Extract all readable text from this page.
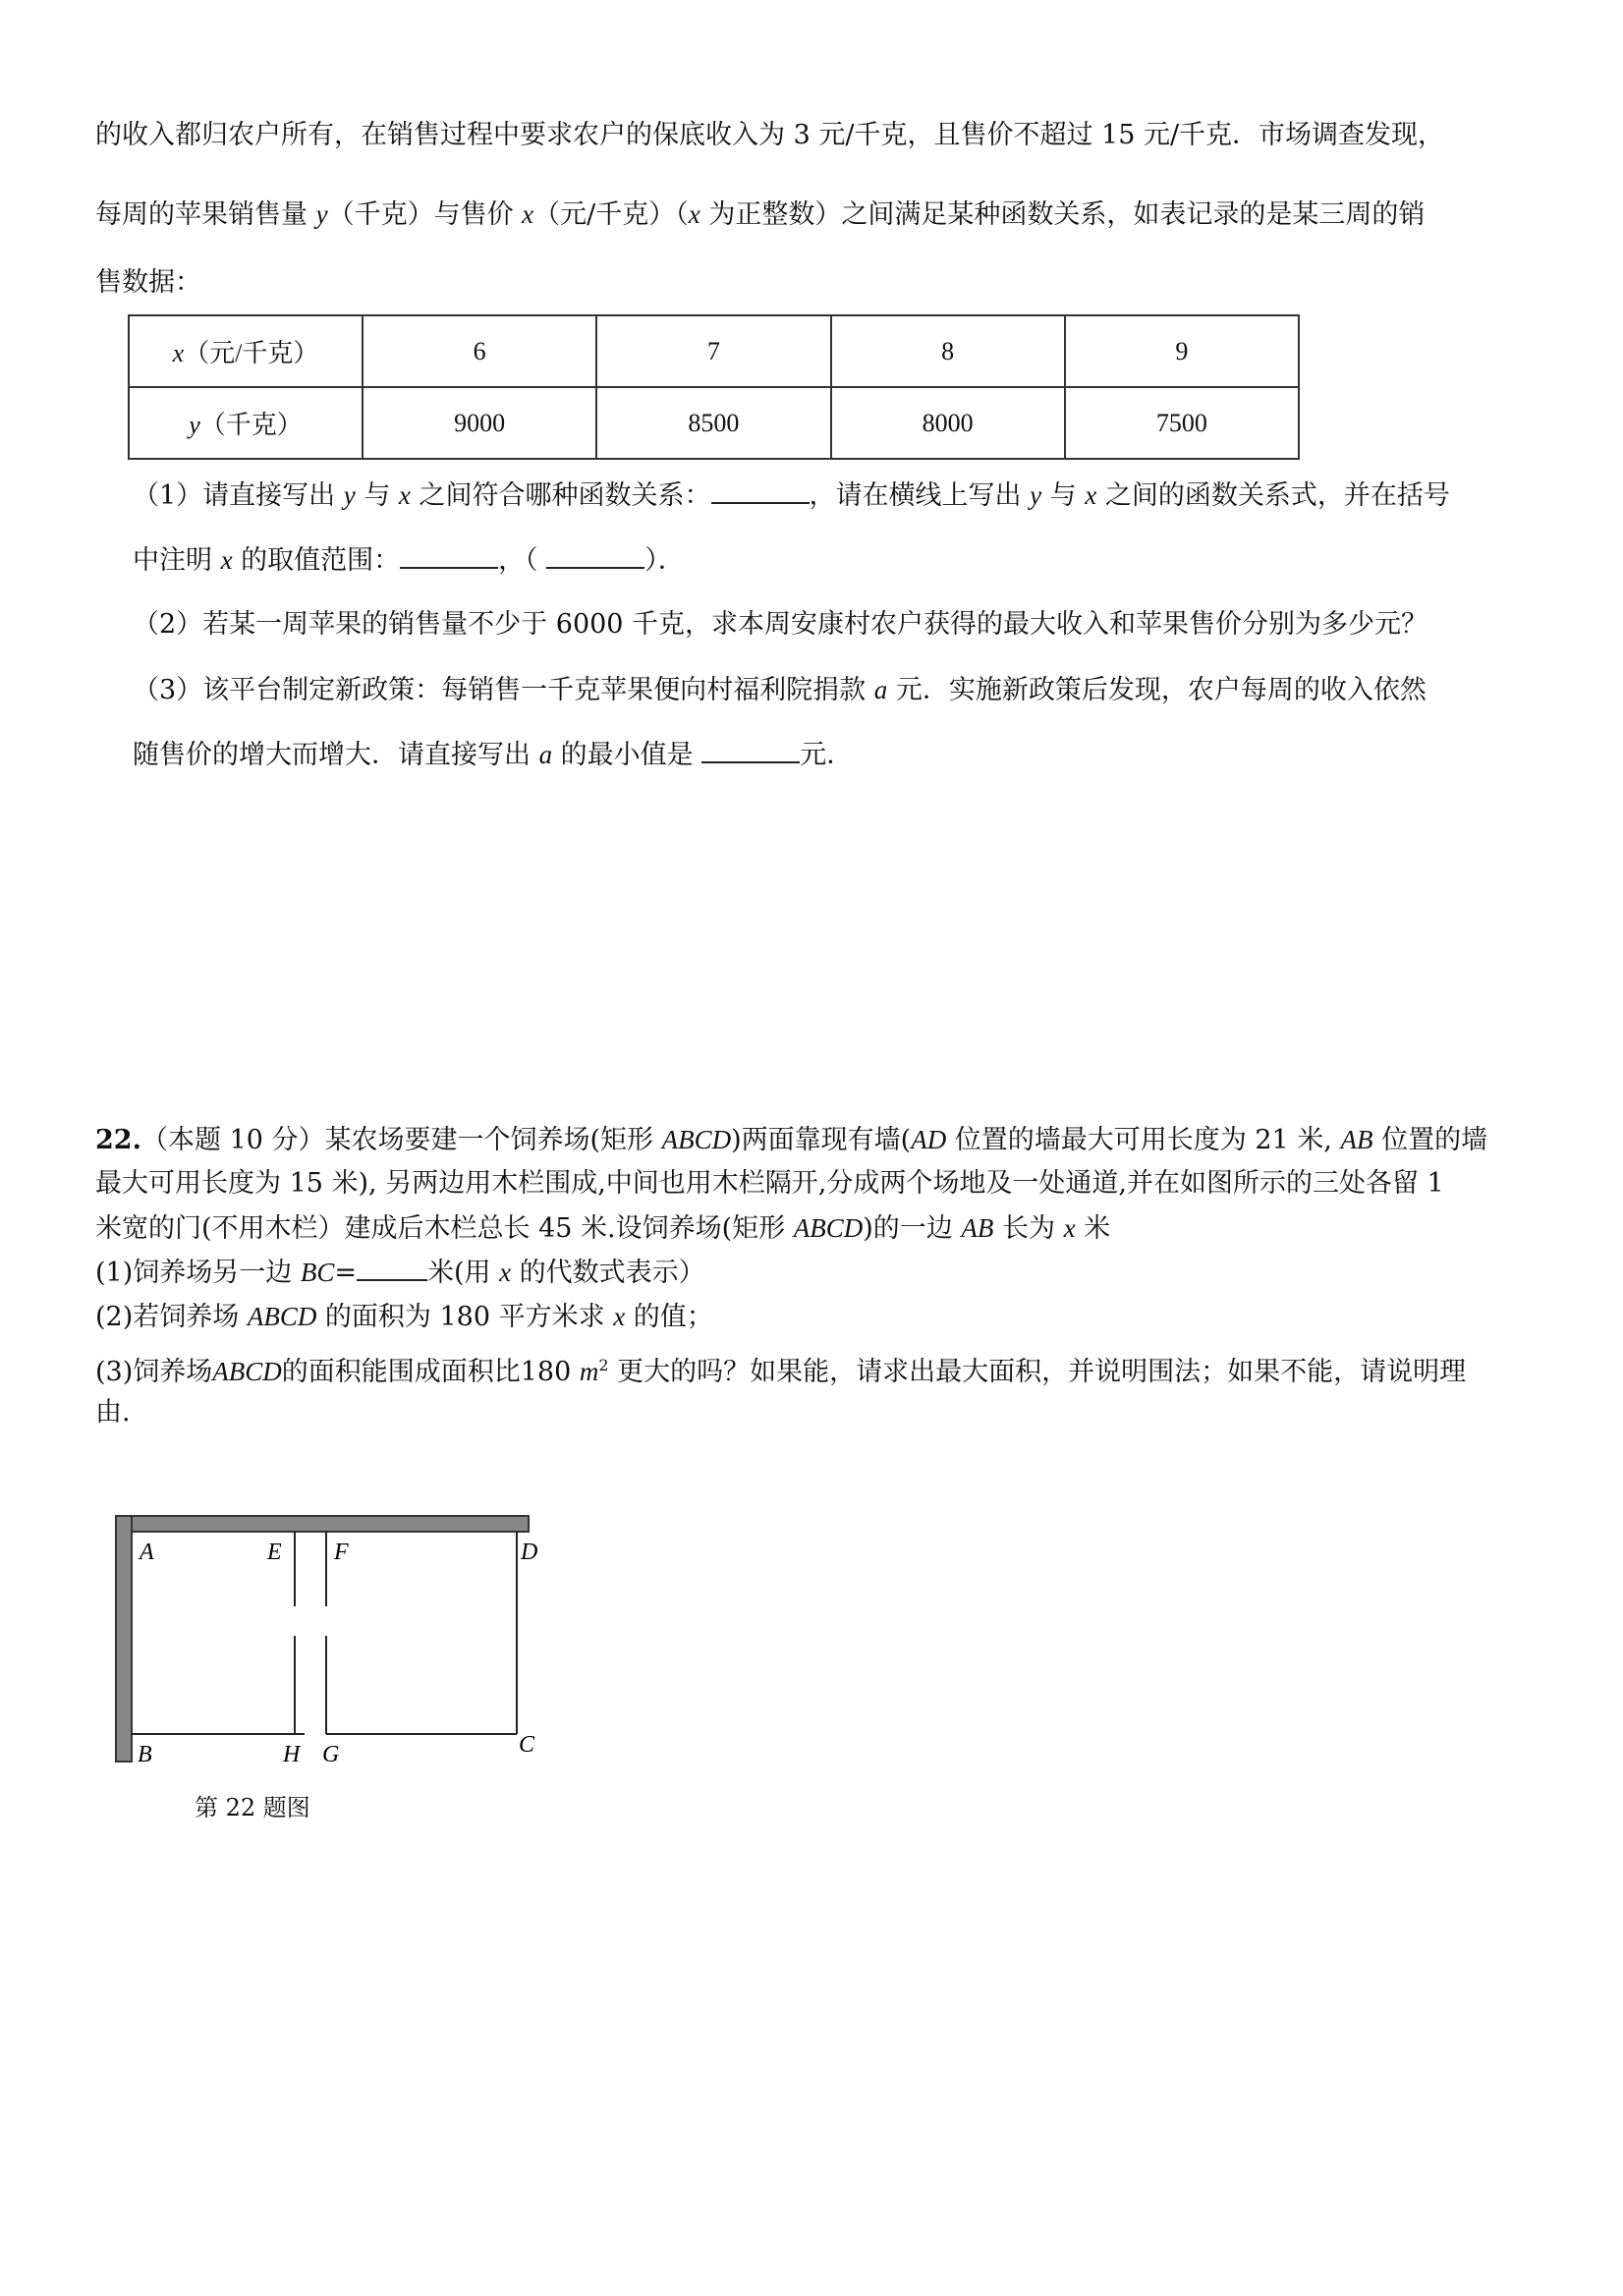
的收入都归农户所有，在销售过程中要求农户的保底收入为 3 元/千克，且售价不超过 15 元/千克．市场调查发现，
每周的苹果销售量 y（千克）与售价 x（元/千克）（x 为正整数）之间满足某种函数关系，如表记录的是某三周的销
售数据：
x（元/千克）	6	7	8	9
y（千克）	9000	8500	8000	7500
（1）请直接写出 y 与 x 之间符合哪种函数关系：	，请在横线上写出 y 与 x 之间的函数关系式，并在括号
中注明 x 的取值范围：	，（	）．
（2）若某一周苹果的销售量不少于 6000 千克，求本周安康村农户获得的最大收入和苹果售价分别为多少元？
（3）该平台制定新政策：每销售一千克苹果便向村福利院捐款 a 元．实施新政策后发现，农户每周的收入依然
随售价的增大而增大．请直接写出 a 的最小值是	元．
22.（本题 10 分）某农场要建一个饲养场(矩形 ABCD)两面靠现有墙(AD 位置的墙最大可用长度为 21 米, AB 位置的墙
最大可用长度为 15 米), 另两边用木栏围成,中间也用木栏隔开,分成两个场地及一处通道,并在如图所示的三处各留 1
米宽的门(不用木栏）建成后木栏总长 45 米.设饲养场(矩形 ABCD)的一边 AB 长为 x 米
(1)饲养场另一边 BC=	米(用 x 的代数式表示）
(2)若饲养场 ABCD 的面积为 180 平方米求 x 的值；
(3)饲养场ABCD的面积能围成面积比180 $m^2$ 更大的吗？如果能，请求出最大面积，并说明围法；如果不能，请说明理
由.
A	E F	D
B	H G	C
第 22 题图
